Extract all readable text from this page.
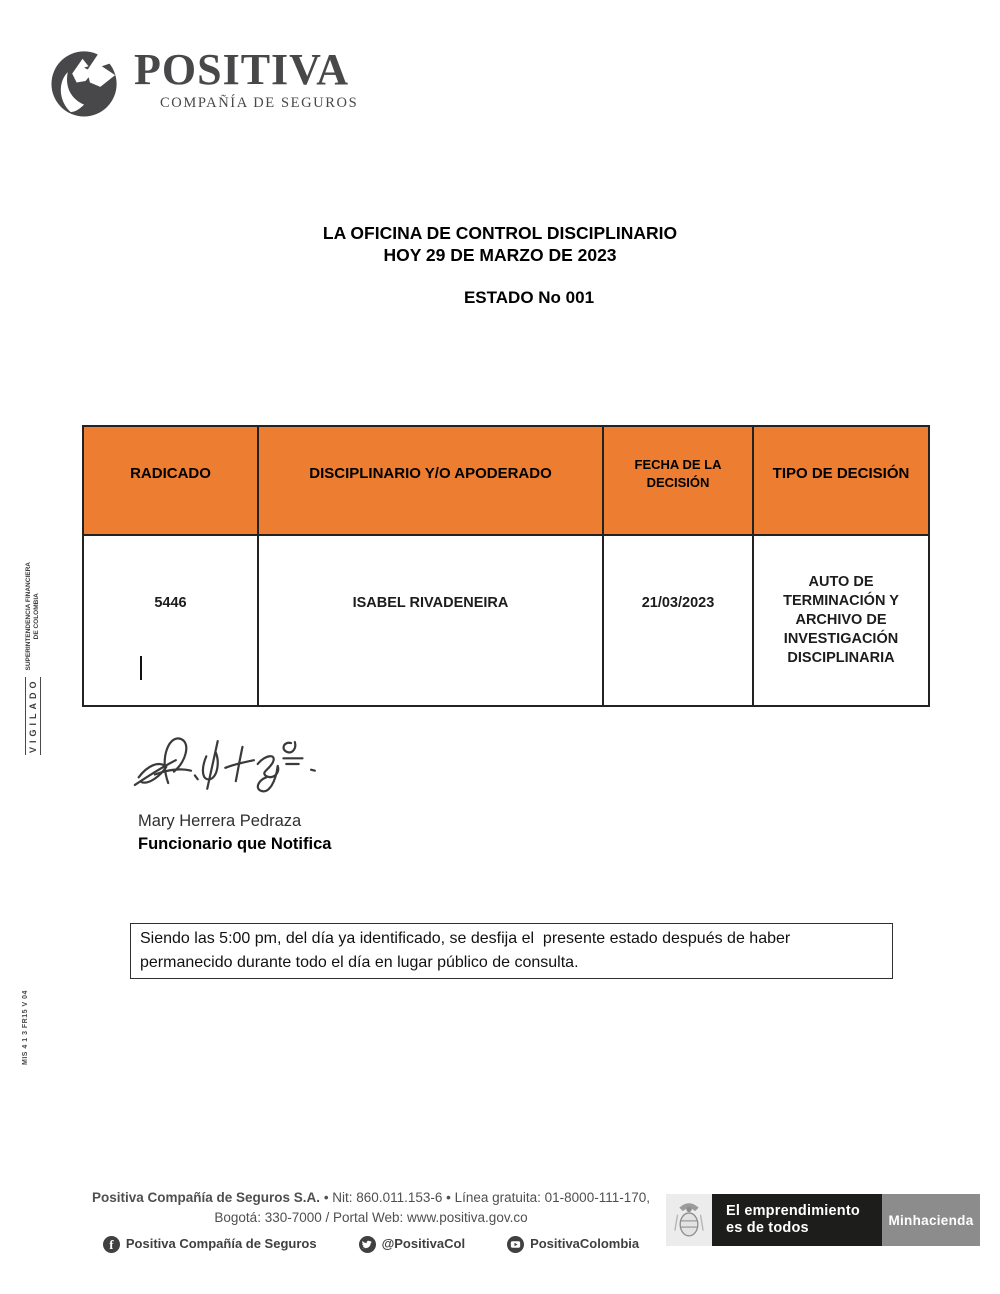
POSITIVA
COMPAÑÍA DE SEGUROS
LA OFICINA DE CONTROL DISCIPLINARIO
HOY 29 DE MARZO DE 2023
ESTADO No 001
RADICADO	DISCIPLINARIO Y/O APODERADO	FECHA DE LA DECISIÓN	TIPO DE DECISIÓN
5446	ISABEL RIVADENEIRA	21/03/2023	AUTO DE TERMINACIÓN Y ARCHIVO DE INVESTIGACIÓN DISCIPLINARIA
Mary Herrera Pedraza
Funcionario que Notifica
Siendo las 5:00 pm, del día ya identificado, se desfija el  presente estado después de haber permanecido durante todo el día en lugar público de consulta.
VIGILADO
SUPERINTENDENCIA FINANCIERA
DE COLOMBIA
MIS 4 1 3 FR15 V 04
Positiva Compañía de Seguros S.A. • Nit: 860.011.153-6 • Línea gratuita: 01-8000-111-170,
Bogotá: 330-7000 / Portal Web: www.positiva.gov.co
f Positiva Compañía de Seguros	@PositivaCol	PositivaColombia
El emprendimiento
es de todos	Minhacienda
